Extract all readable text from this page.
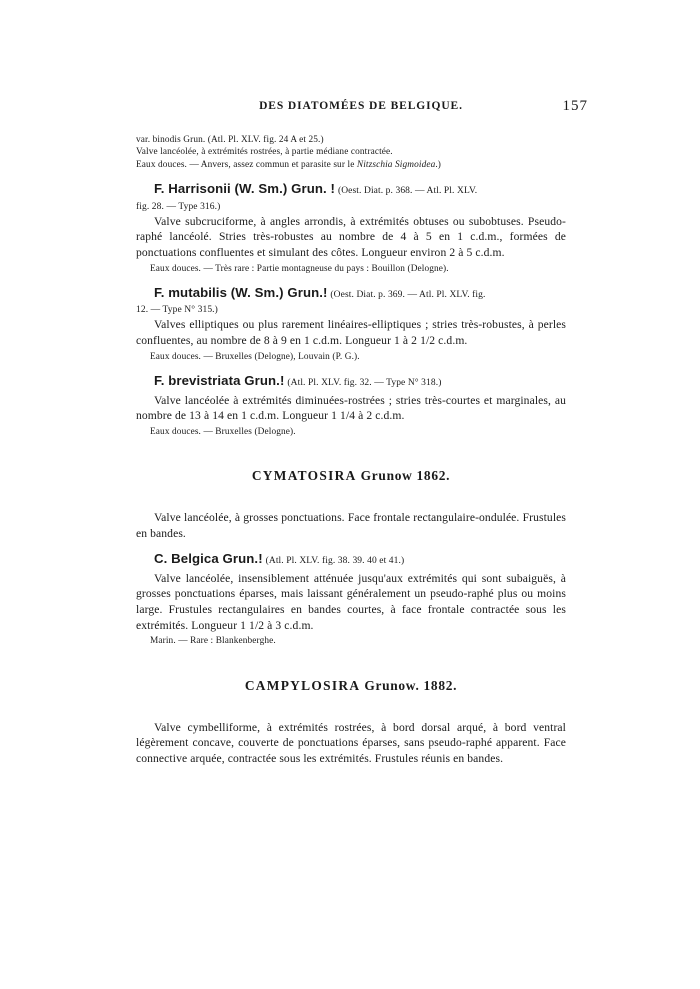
DES DIATOMÉES DE BELGIQUE.	157
var. binodis Grun. (Atl. Pl. XLV. fig. 24 A et 25.)
Valve lancéolée, à extrémités rostrées, à partie médiane contractée.
Eaux douces. — Anvers, assez commun et parasite sur le Nitzschia Sigmoidea.)
F. Harrisonii (W. Sm.) Grun. ! (Oest. Diat. p. 368. — Atl. Pl. XLV.
fig. 28. — Type 316.)

Valve subcruciforme, à angles arrondis, à extrémités obtuses ou subobtuses. Pseudo-raphé lancéolé. Stries très-robustes au nombre de 4 à 5 en 1 c.d.m., formées de ponctuations confluentes et simulant des côtes. Longueur environ 2 à 5 c.d.m.

Eaux douces. — Très rare : Partie montagneuse du pays : Bouillon (Delogne).
F. mutabilis (W. Sm.) Grun.! (Oest. Diat. p. 369. — Atl. Pl. XLV. fig.
12. — Type N° 315.)

Valves elliptiques ou plus rarement linéaires-elliptiques ; stries très-robustes, à perles confluentes, au nombre de 8 à 9 en 1 c.d.m. Longueur 1 à 2 1/2 c.d.m.

Eaux douces. — Bruxelles (Delogne), Louvain (P. G.).
F. brevistriata Grun.! (Atl. Pl. XLV. fig. 32. — Type N° 318.)

Valve lancéolée à extrémités diminuées-rostrées ; stries très-courtes et marginales, au nombre de 13 à 14 en 1 c.d.m. Longueur 1 1/4 à 2 c.d.m.

Eaux douces. — Bruxelles (Delogne).
CYMATOSIRA Grunow 1862.

Valve lancéolée, à grosses ponctuations. Face frontale rectangulaire-ondulée. Frustules en bandes.

C. Belgica Grun.! (Atl. Pl. XLV. fig. 38. 39. 40 et 41.)

Valve lancéolée, insensiblement atténuée jusqu'aux extrémités qui sont subaiguës, à grosses ponctuations éparses, mais laissant généralement un pseudo-raphé plus ou moins large. Frustules rectangulaires en bandes courtes, à face frontale contractée sous les extrémités. Longueur 1 1/2 à 3 c.d.m.

Marin. — Rare : Blankenberghe.
CAMPYLOSIRA Grunow. 1882.

Valve cymbelliforme, à extrémités rostrées, à bord dorsal arqué, à bord ventral légèrement concave, couverte de ponctuations éparses, sans pseudo-raphé apparent. Face connective arquée, contractée sous les extrémités. Frustules réunis en bandes.
